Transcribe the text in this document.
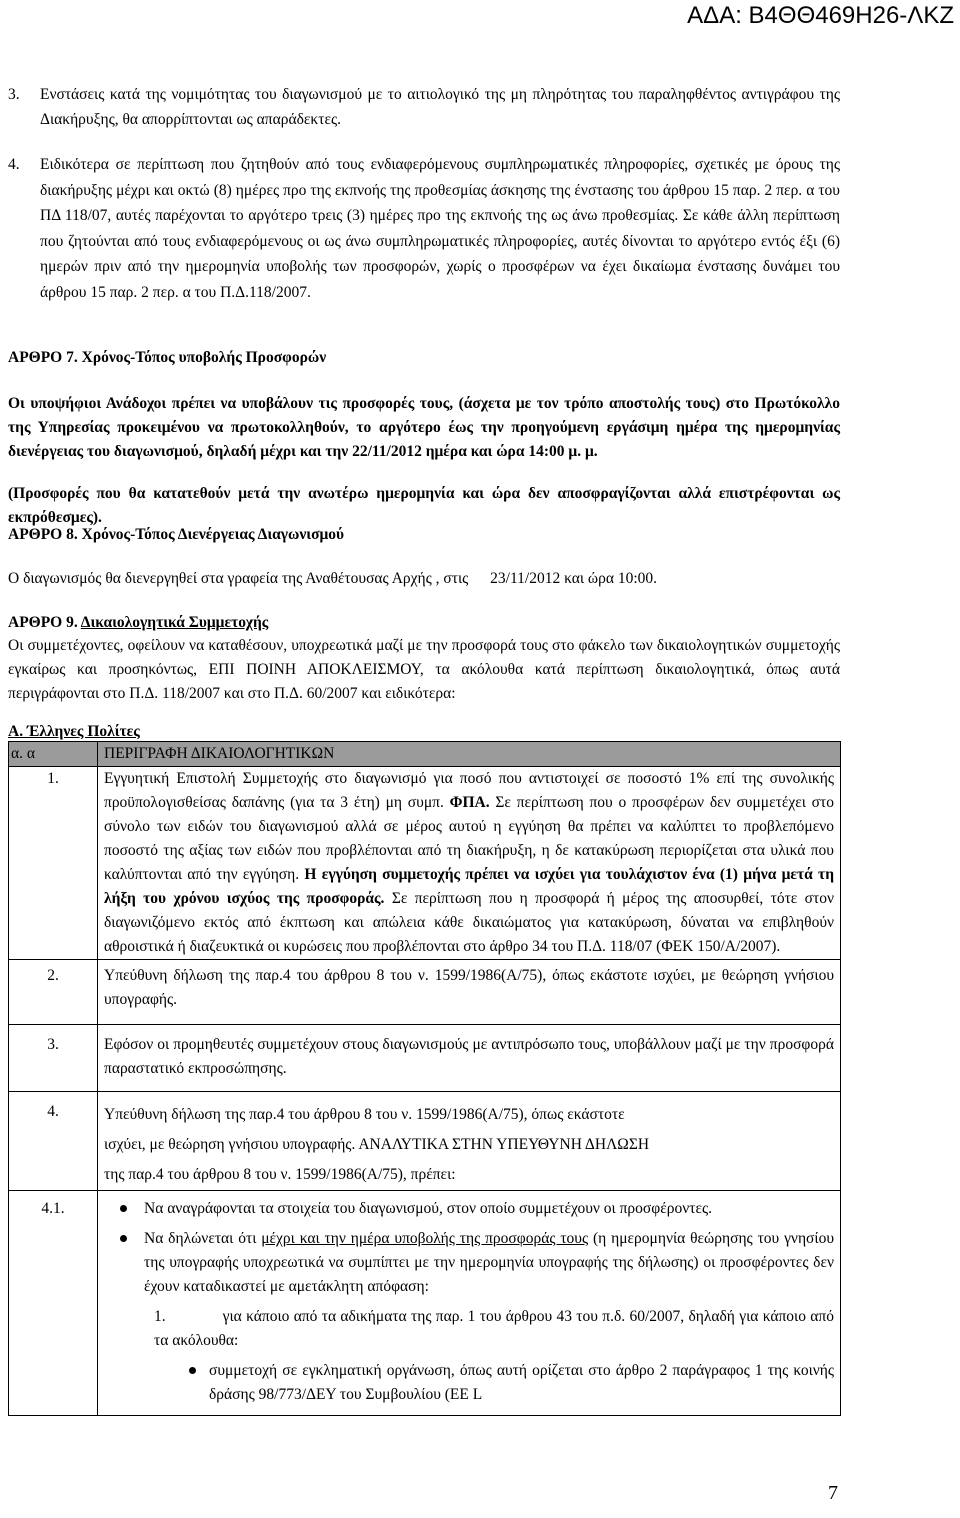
ΑΔΑ: Β4ΘΘ469Η26-ΛΚΖ
3. Ενστάσεις κατά της νομιμότητας του διαγωνισμού με το αιτιολογικό της μη πληρότητας του παραληφθέντος αντιγράφου της Διακήρυξης, θα απορρίπτονται ως απαράδεκτες.
4. Ειδικότερα σε περίπτωση που ζητηθούν από τους ενδιαφερόμενους συμπληρωματικές πληροφορίες, σχετικές με όρους της διακήρυξης μέχρι και οκτώ (8) ημέρες προ της εκπνοής της προθεσμίας άσκησης της ένστασης του άρθρου 15 παρ. 2 περ. α του ΠΔ 118/07, αυτές παρέχονται το αργότερο τρεις (3) ημέρες προ της εκπνοής της ως άνω προθεσμίας. Σε κάθε άλλη περίπτωση που ζητούνται από τους ενδιαφερόμενους οι ως άνω συμπληρωματικές πληροφορίες, αυτές δίνονται το αργότερο εντός έξι (6) ημερών πριν από την ημερομηνία υποβολής των προσφορών, χωρίς ο προσφέρων να έχει δικαίωμα ένστασης δυνάμει του άρθρου 15 παρ. 2 περ. α του Π.Δ.118/2007.
ΑΡΘΡΟ 7. Χρόνος-Τόπος υποβολής Προσφορών
Οι υποψήφιοι Ανάδοχοι πρέπει να υποβάλουν τις προσφορές τους, (άσχετα με τον τρόπο αποστολής τους) στο Πρωτόκολλο της Υπηρεσίας προκειμένου να πρωτοκολληθούν, το αργότερο έως την προηγούμενη εργάσιμη ημέρα της ημερομηνίας διενέργειας του διαγωνισμού, δηλαδή μέχρι και την 22/11/2012 ημέρα και ώρα 14:00 μ. μ.
(Προσφορές που θα κατατεθούν μετά την ανωτέρω ημερομηνία και ώρα δεν αποσφραγίζονται αλλά επιστρέφονται ως εκπρόθεσμες).
ΑΡΘΡΟ 8. Χρόνος-Τόπος Διενέργειας Διαγωνισμού
Ο διαγωνισμός θα διενεργηθεί στα γραφεία της Αναθέτουσας Αρχής , στις 23/11/2012 και ώρα 10:00.
ΑΡΘΡΟ 9. Δικαιολογητικά Συμμετοχής
Οι συμμετέχοντες, οφείλουν να καταθέσουν, υποχρεωτικά μαζί με την προσφορά τους στο φάκελο των δικαιολογητικών συμμετοχής εγκαίρως και προσηκόντως, ΕΠΙ ΠΟΙΝΗ ΑΠΟΚΛΕΙΣΜΟΥ, τα ακόλουθα κατά περίπτωση δικαιολογητικά, όπως αυτά περιγράφονται στο Π.Δ. 118/2007 και στο Π.Δ. 60/2007 και ειδικότερα:
Α. Έλληνες Πολίτες
α. α	ΠΕΡΙΓΡΑΦΗ ΔΙΚΑΙΟΛΟΓΗΤΙΚΩΝ
1.	Εγγυητική Επιστολή Συμμετοχής στο διαγωνισμό για ποσό που αντιστοιχεί σε ποσοστό 1% επί της συνολικής προϋπολογισθείσας δαπάνης (για τα 3 έτη) μη συμπ. ΦΠΑ. Σε περίπτωση που ο προσφέρων δεν συμμετέχει στο σύνολο των ειδών του διαγωνισμού αλλά σε μέρος αυτού η εγγύηση θα πρέπει να καλύπτει το προβλεπόμενο ποσοστό της αξίας των ειδών που προβλέπονται από τη διακήρυξη, η δε κατακύρωση περιορίζεται στα υλικά που καλύπτονται από την εγγύηση. Η εγγύηση συμμετοχής πρέπει να ισχύει για τουλάχιστον ένα (1) μήνα μετά τη λήξη του χρόνου ισχύος της προσφοράς. Σε περίπτωση που η προσφορά ή μέρος της αποσυρθεί, τότε στον διαγωνιζόμενο εκτός από έκπτωση και απώλεια κάθε δικαιώματος για κατακύρωση, δύναται να επιβληθούν αθροιστικά ή διαζευκτικά οι κυρώσεις που προβλέπονται στο άρθρο 34 του Π.Δ. 118/07 (ΦΕΚ 150/Α/2007).
2.	Υπεύθυνη δήλωση της παρ.4 του άρθρου 8 του ν. 1599/1986(Α/75), όπως εκάστοτε ισχύει, με θεώρηση γνήσιου υπογραφής.
3.	Εφόσον οι προμηθευτές συμμετέχουν στους διαγωνισμούς με αντιπρόσωπο τους, υποβάλλουν μαζί με την προσφορά παραστατικό εκπροσώπησης.
4.	Υπεύθυνη δήλωση της παρ.4 του άρθρου 8 του ν. 1599/1986(Α/75), όπως εκάστοτε
ισχύει, με θεώρηση γνήσιου υπογραφής. ΑΝΑΛΥΤΙΚΑ ΣΤΗΝ ΥΠΕΥΘΥΝΗ ΔΗΛΩΣΗ
της παρ.4 του άρθρου 8 του ν. 1599/1986(Α/75), πρέπει:

4.1.	Να αναγράφονται τα στοιχεία του διαγωνισμού, στον οποίο συμμετέχουν οι προσφέροντες.
Να δηλώνεται ότι μέχρι και την ημέρα υποβολής της προσφοράς τους (η ημερομηνία θεώρησης του γνησίου της υπογραφής υποχρεωτικά να συμπίπτει με την ημερομηνία υπογραφής της δήλωσης) οι προσφέροντες δεν έχουν καταδικαστεί με αμετάκλητη απόφαση:
1. για κάποιο από τα αδικήματα της παρ. 1 του άρθρου 43 του π.δ. 60/2007, δηλαδή για κάποιο από τα ακόλουθα:
συμμετοχή σε εγκληματική οργάνωση, όπως αυτή ορίζεται στο άρθρο 2 παράγραφος 1 της κοινής δράσης 98/773/ΔΕΥ του Συμβουλίου (ΕΕ L
7
